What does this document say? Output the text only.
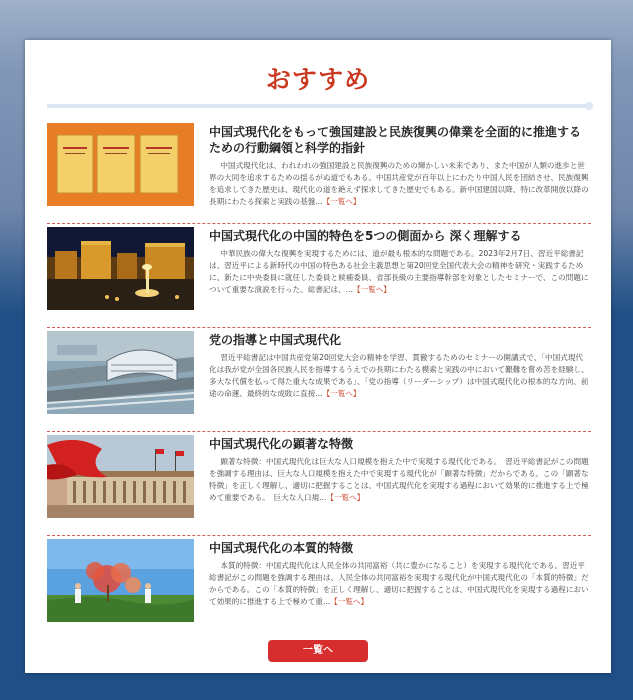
おすすめ
中国式現代化をもって強国建設と民族復興の偉業を全面的に推進するための行動綱領と科学的指針
中国式現代化は、われわれの強国建設と民族復興のための輝かしい未来であり、また中国が人類の進歩と世界の大同を追求するための揺るがぬ道でもある。中国共産党が百年以上にわたり中国人民を団結させ、民族復興を追求してきた歴史は、現代化の道を絶えず探求してきた歴史でもある。新中国建国以降、特に改革開放以降の長期にわたる探索と実践の基盤...【一覧へ】
中国式現代化の中国的特色を5つの側面から 深く理解する
中華民族の偉大な復興を実現するためには、道が最も根本的な問題である。2023年2月7日、習近平総書記は、習近平による新時代の中国の特色ある社会主義思想と第20回党全国代表大会の精神を研究・実践するために、新たに中央委員に就任した委員と候補委員、省部長級の主要指導幹部を対象としたセミナーで、この問題について重要な演説を行った。総書記は、...【一覧へ】
党の指導と中国式現代化
習近平総書記は中国共産党第20回党大会の精神を学習、貫徹するためのセミナーの開講式で、「中国式現代化は我が党が全国各民族人民を指導するうえでの長期にわたる模索と実践の中において艱難を嘗め苦を経験し、多大な代償を払って得た重大な成果である」、「党の指導（リーダーシップ）は中国式現代化の根本的な方向、前途の命運、最終的な成敗に直接...【一覧へ】
中国式現代化の顕著な特徴
顕著な特徴：中国式現代化は巨大な人口規模を抱えた中で実現する現代化である。　習近平総書記がこの問題を強調する理由は、巨大な人口規模を抱えた中で実現する現代化が「顕著な特徴」だからである。この「顕著な特徴」を正しく理解し、適切に把握することは、中国式現代化を実現する過程において効果的に推進する上で極めて重要である。　巨大な人口規...【一覧へ】
中国式現代化の本質的特徴
本質的特徴：中国式現代化は人民全体の共同富裕（共に豊かになること）を実現する現代化である。習近平総書記がこの問題を強調する理由は、人民全体の共同富裕を実現する現代化が中国式現代化の「本質的特徴」だからである。この「本質的特徴」を正しく理解し、適切に把握することは、中国式現代化を実現する過程において効果的に推進する上で極めて重...【一覧へ】
一覧へ
